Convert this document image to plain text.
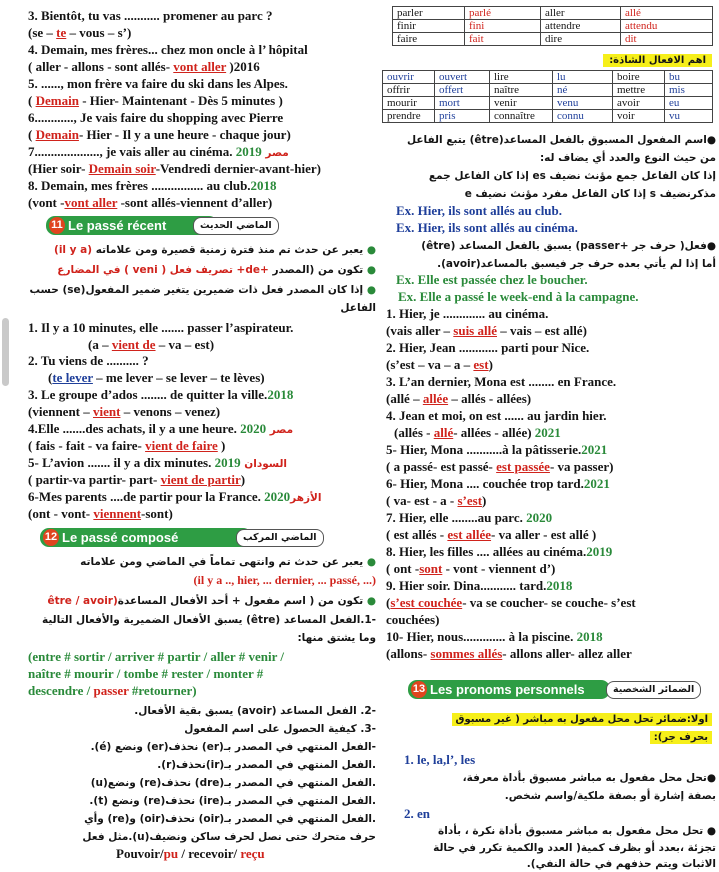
3. Bientôt, tu vas ........... promener au parc ?
(se – te – vous – s’)
4. Demain, mes frères... chez mon oncle à l’ hôpital
( aller - allons - sont allés- vont aller )2016
5. ......, mon frère va faire du ski dans les Alpes.
( Demain - Hier- Maintenant - Dès 5 minutes )
6............, Je vais faire du shopping avec Pierre
( Demain- Hier - Il y a une heure - chaque jour)
7...................., je vais aller au cinéma. 2019 مصر
(Hier soir- Demain soir-Vendredi dernier-avant-hier)
8. Demain, mes frères ................ au club.2018
(vont -vont aller -sont allés-viennent d’aller)
11 Le passé récent	الماضي الحديث
● يعبر عن حدث تم منذ فترة زمنية قصيرة ومن علاماته (il y a)
● تكون من (المصدر +de+ تصريف فعل ( veni ) في المضارع
● إذا كان المصدر فعل ذات ضميرين يتغير ضمير المفعول(se) حسب
الفاعل
1. Il y a 10 minutes, elle ....... passer l’aspirateur.
(a – vient de – va – est)
2. Tu viens de .......... ?
(te lever – me lever – se lever – te lèves)
3. Le groupe d’ados ........ de quitter la ville.2018
(viennent – vient – venons – venez)
4.Elle .......des achats, il y a une heure. 2020 مصر
( fais - fait - va faire- vient de faire )
5- L’avion ....... il y a dix minutes. 2019 السودان
( partir-va partir- part- vient de partir)
6-Mes parents ....de partir pour la France. 2020الأزهر
(ont - vont- viennent-sont)
12 Le passé composé	الماضي المركب
● يعبر عن حدث تم وانتهى تماماً في الماضي ومن علاماته
(il y a .., hier, ... dernier, ... passé, ...)
● تكون من ( اسم مفعول + أحد الأفعال المساعدة(être / avoir
-1.الفعل المساعد (être) يسبق الأفعال الضميرية والأفعال التالية
وما يشتق منها:
(entre # sortir / arriver # partir / aller # venir /
naître # mourir / tombe # rester / monter #
descendre / passer #retourner)
-2. الفعل المساعد (avoir) يسبق بقية الأفعال.
-3. كيفية الحصول على اسم المفعول
-الفعل المنتهي في المصدر بـ(er) نحذف(er) ونضع (é).
.الفعل المنتهي في المصدر بـ(ir)نحذف(r).
.الفعل المنتهي في المصدر بـ(dre) نحذف(re) ونضع(u)
.الفعل المنتهي في المصدر بـ(ire) نحذف(re) ونضع (t).
.الفعل المنتهي في المصدر بـ(oir) نحذف(oir) و(re) وأي
حرف متحرك حتى نصل لحرف ساكن ونضيف(u).مثل فعل
Pouvoir/pu / recevoir/ reçu
parler	parlé	aller	allé
finir	fini	attendre	attendu
faire	fait	dire	dit
اهم الافعال الشاذة:
ouvrir	ouvert	lire	lu	boire	bu
offrir	offert	naître	né	mettre	mis
mourir	mort	venir	venu	avoir	eu
prendre	pris	connaître	connu	voir	vu
●اسم المفعول المسبوق بالفعل المساعد(être) يتبع الفاعل
من حيث النوع والعدد أي يضاف له:
إذا كان الفاعل جمع مؤنث نضيف es إذا كان الفاعل جمع
مذكرنضيف s إذا كان الفاعل مفرد مؤنث نضيف e
Ex. Hier, ils sont allés au club.
Ex. Hier, ils sont allés au cinéma.
●فعل( حرف جر +passer) يسبق بالفعل المساعد (être)
أما إذا لم يأتي بعده حرف جر فيسبق بالمساعد(avoir).
Ex. Elle est passée chez le boucher.
Ex. Elle a passé le week-end à la campagne.
1. Hier, je ............. au cinéma.
(vais aller – suis allé – vais – est allé)
2. Hier, Jean ............ parti pour Nice.
(s’est – va – a – est)
3. L’an dernier, Mona est ........ en France.
(allé – allée – allés - allées)
4. Jean et moi, on est ...... au jardin hier.
(allés - allé- allées - allée) 2021
5- Hier, Mona ...........à la pâtisserie.2021
( a passé- est passé- est passée- va passer)
6- Hier, Mona .... couchée trop tard.2021
( va- est - a - s’est)
7. Hier, elle ........au parc. 2020
( est allés - est allée- va aller - est allé )
8. Hier, les filles .... allées au cinéma.2019
( ont -sont - vont - viennent d’)
9. Hier soir. Dina........... tard.2018
(s’est couchée- va se coucher- se couche- s’est
couchées)
10- Hier, nous............. à la piscine. 2018
(allons- sommes allés- allons aller- allez aller
13 Les pronoms personnels	الضمائر الشخصية
اولا:ضمائر تحل محل مفعول به مباشر ( غير مسبوق
بحرف جر):
1. le, la,l’, les
●تحل محل مفعول به مباشر مسبوق بأداة معرفة،
بصفة إشارة أو بصفة ملكية/واسم شخص.
2. en
● تحل محل مفعول به مباشر مسبوق بأداة نكرة ، بأداة
تجزئة ،بعدد أو بظرف كمية( العدد والكمية تكرر في حالة
الاثبات ويتم حذفهم في حالة النفي).
